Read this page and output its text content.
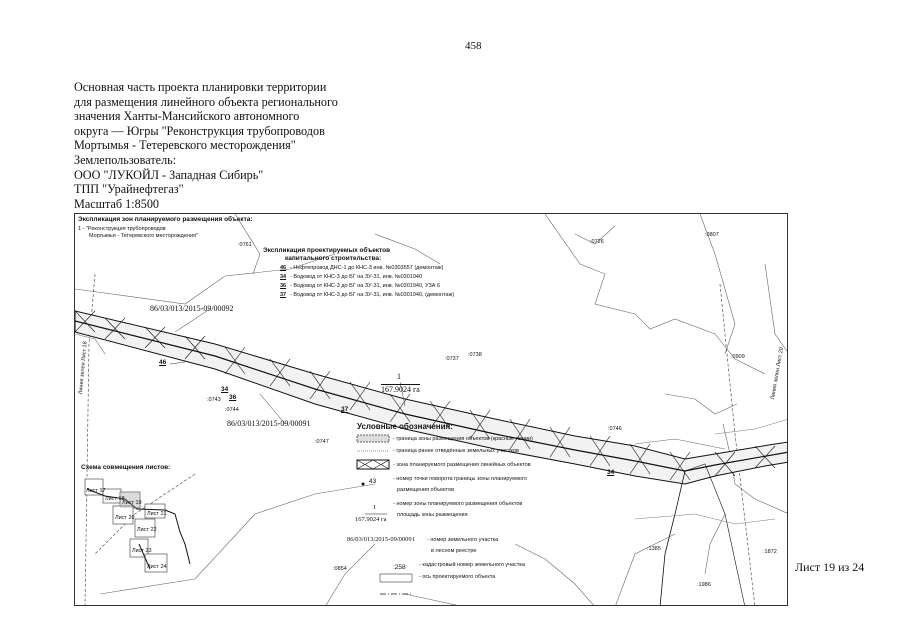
458
Основная часть проекта планировки территории
для размещения линейного объекта регионального
значения Ханты-Мансийского автономного
округа — Югры "Реконструкция трубопроводов
Мортымья - Тетеревского месторождения"
Землепользователь:
ООО "ЛУКОЙЛ - Западная Сибирь"
ТПП "Урайнефтегаз"
Масштаб 1:8500
Лист 19 из 24
Экспликация зон планируемого размещения объекта:
1 - "Реконструкция трубопроводов
Мортымья - Тетеревского месторождения"
Экспликация проектируемых объектов
капитального строительства:
46 - Нефтепровод ДНС-1 до КНС-3 инв. №0303557 (демонтаж)
34 - Водовод от КНС-3 до БГ на ЗУ-31, инв. №0301940
36 - Водовод от КНС-3 до БГ на ЗУ-31, инв. №0301940, УЗА 6
37 - Водовод от КНС-3 до БГ на ЗУ-31, инв. №0301940, (демонтаж)
86/03/013/2015-09/00092
86/03/013/2015-09/00091
1
167.9024 га
46
34
37
34
36
:0761	:0726
:0807
:0737
:0738	:0909
:0743
:0744
:0747
:0746
:0854
:1385	:1872
:1986
Линия зелен Лист 18	Линия зелен Лист 20
Условные обозначения:
- граница зоны размещения объектов (красные линии)
- граница ранее отведённых земельных участков
- зона планируемого размещения линейных объектов
- номер точки поворота границы зоны планируемого
размещения объектов
- номер зоны планируемого размещения объектов
площадь зоны размещения
- номер земельного участка
в лесном реестре
- кадастровый номер земельного участка
- ось проектируемого объекта
43
1
167.9024 га
86/03/013/2015-09/00091
:258
Схема совмещения листов:
Лист 17
Лист 18
Лист 19
Лист 20
Лист 21
Лист 22
Лист 23
Лист 24
